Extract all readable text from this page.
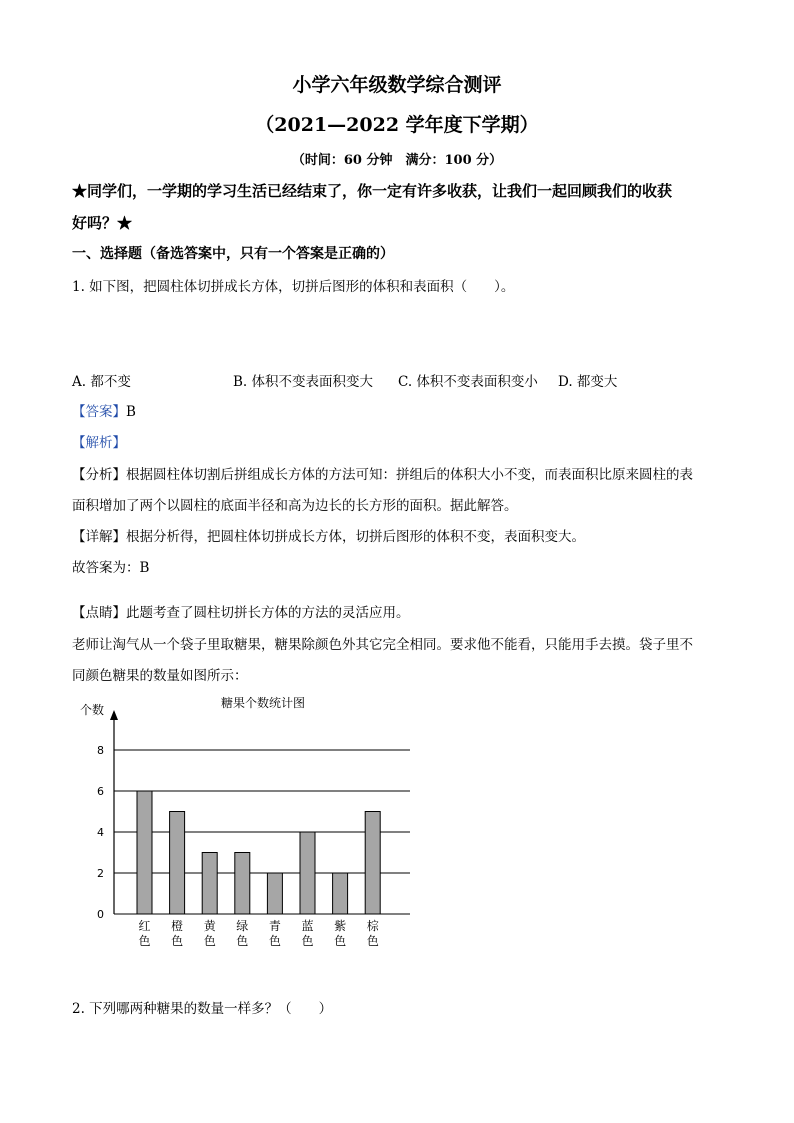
小学六年级数学综合测评
（2021—2022 学年度下学期）
（时间：60 分钟　满分：100 分）
★同学们，一学期的学习生活已经结束了，你一定有许多收获，让我们一起回顾我们的收获
好吗？★
一、选择题（备选答案中，只有一个答案是正确的）
1. 如下图，把圆柱体切拼成长方体，切拼后图形的体积和表面积（　　）。
A. 都不变	B. 体积不变表面积变大 C. 体积不变表面积变小 D. 都变大
【答案】B
【解析】
【分析】根据圆柱体切割后拼组成长方体的方法可知：拼组后的体积大小不变，而表面积比原来圆柱的表
面积增加了两个以圆柱的底面半径和高为边长的长方形的面积。据此解答。
【详解】根据分析得，把圆柱体切拼成长方体，切拼后图形的体积不变，表面积变大。
故答案为：B
【点睛】此题考查了圆柱切拼长方体的方法的灵活应用。
老师让淘气从一个袋子里取糖果，糖果除颜色外其它完全相同。要求他不能看，只能用手去摸。袋子里不
同颜色糖果的数量如图所示：
0
2
4
6
8
个数	糖果个数统计图
红
色
橙
色
黄
色
绿
色
青
色
蓝
色
紫
色
棕
色
2. 下列哪两种糖果的数量一样多？（　　）
